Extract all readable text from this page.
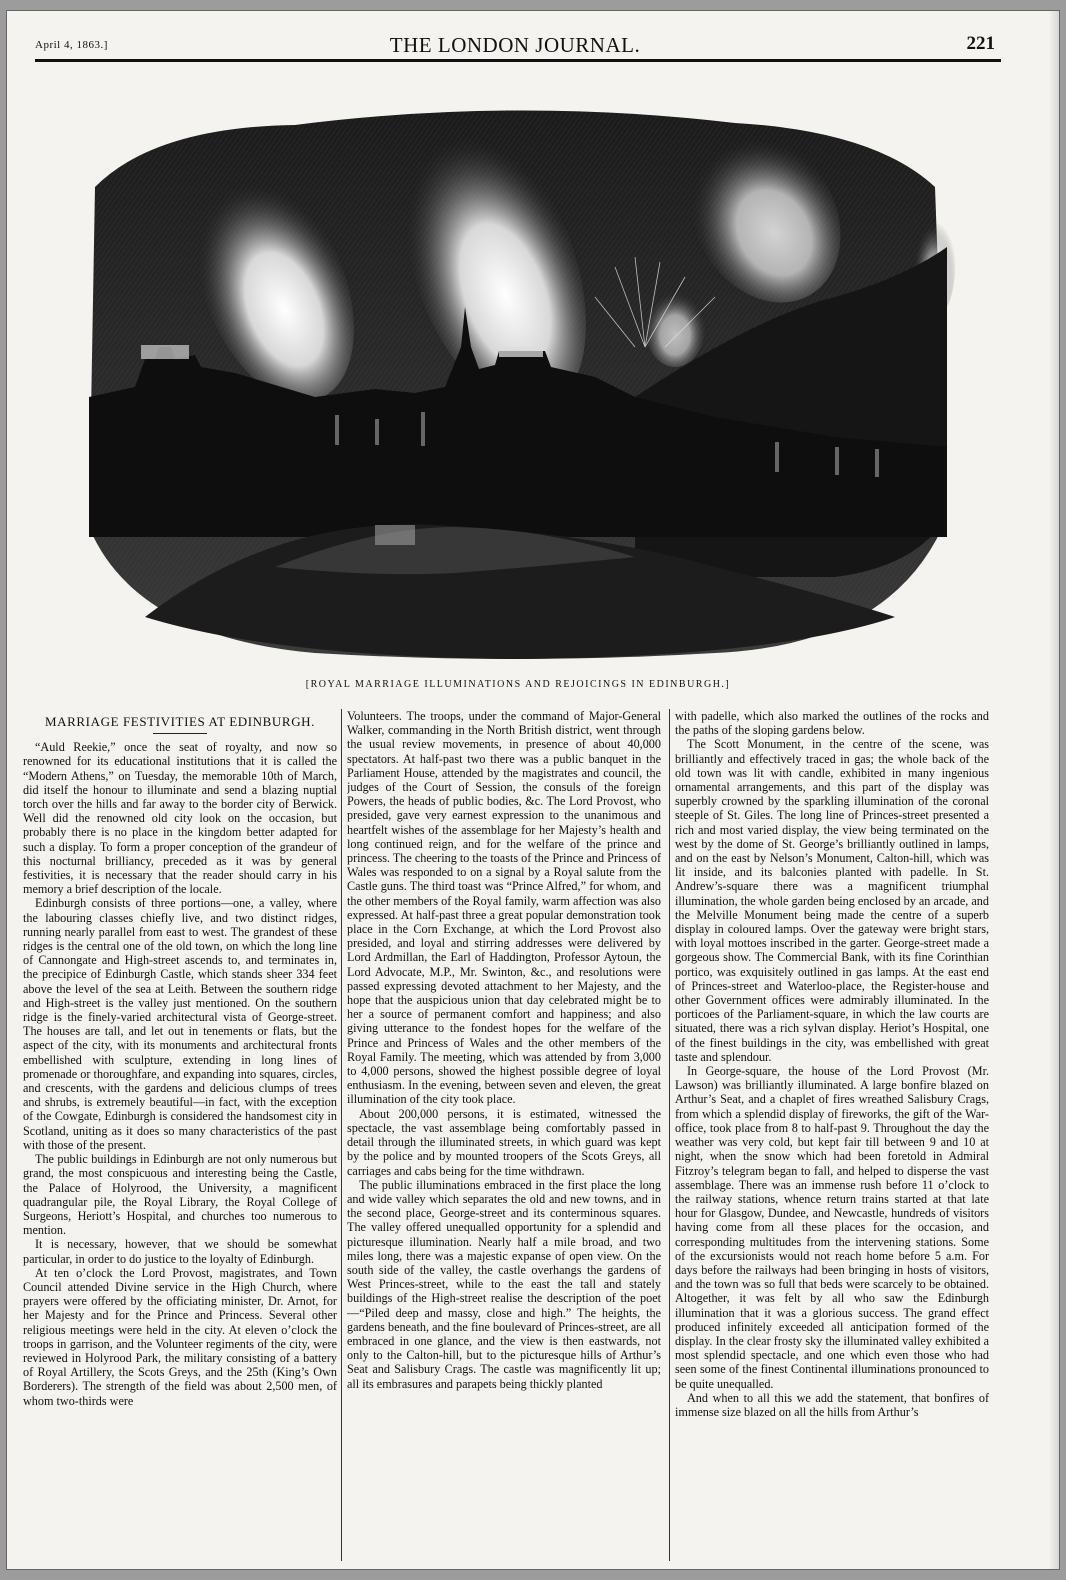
April 4, 1863.]	THE LONDON JOURNAL.	221
[ROYAL MARRIAGE ILLUMINATIONS AND REJOICINGS IN EDINBURGH.]
MARRIAGE FESTIVITIES AT EDINBURGH.

“Auld Reekie,” once the seat of royalty, and now so renowned for its educational institutions that it is called the “Modern Athens,” on Tuesday, the memorable 10th of March, did itself the honour to illuminate and send a blazing nuptial torch over the hills and far away to the border city of Berwick. Well did the renowned old city look on the occasion, but probably there is no place in the kingdom better adapted for such a display. To form a proper conception of the grandeur of this nocturnal brilliancy, preceded as it was by general festivities, it is necessary that the reader should carry in his memory a brief description of the locale.

Edinburgh consists of three portions—one, a valley, where the labouring classes chiefly live, and two distinct ridges, running nearly parallel from east to west. The grandest of these ridges is the central one of the old town, on which the long line of Cannongate and High-street ascends to, and terminates in, the precipice of Edinburgh Castle, which stands sheer 334 feet above the level of the sea at Leith. Between the southern ridge and High-street is the valley just mentioned. On the southern ridge is the finely-varied architectural vista of George-street. The houses are tall, and let out in tenements or flats, but the aspect of the city, with its monuments and architectural fronts embellished with sculpture, extending in long lines of promenade or thoroughfare, and expanding into squares, circles, and crescents, with the gardens and delicious clumps of trees and shrubs, is extremely beautiful—in fact, with the exception of the Cowgate, Edinburgh is considered the handsomest city in Scotland, uniting as it does so many characteristics of the past with those of the present.

The public buildings in Edinburgh are not only numerous but grand, the most conspicuous and interesting being the Castle, the Palace of Holyrood, the University, a magnificent quadrangular pile, the Royal Library, the Royal College of Surgeons, Heriott’s Hospital, and churches too numerous to mention.

It is necessary, however, that we should be somewhat particular, in order to do justice to the loyalty of Edinburgh.

At ten o’clock the Lord Provost, magistrates, and Town Council attended Divine service in the High Church, where prayers were offered by the officiating minister, Dr. Arnot, for her Majesty and for the Prince and Princess. Several other religious meetings were held in the city. At eleven o’clock the troops in garrison, and the Volunteer regiments of the city, were reviewed in Holyrood Park, the military consisting of a battery of Royal Artillery, the Scots Greys, and the 25th (King’s Own Borderers). The strength of the field was about 2,500 men, of whom two-thirds were

Volunteers. The troops, under the command of Major-General Walker, commanding in the North British district, went through the usual review movements, in presence of about 40,000 spectators. At half-past two there was a public banquet in the Parliament House, attended by the magistrates and council, the judges of the Court of Session, the consuls of the foreign Powers, the heads of public bodies, &c. The Lord Provost, who presided, gave very earnest expression to the unanimous and heartfelt wishes of the assemblage for her Majesty’s health and long continued reign, and for the welfare of the prince and princess. The cheering to the toasts of the Prince and Princess of Wales was responded to on a signal by a Royal salute from the Castle guns. The third toast was “Prince Alfred,” for whom, and the other members of the Royal family, warm affection was also expressed. At half-past three a great popular demonstration took place in the Corn Exchange, at which the Lord Provost also presided, and loyal and stirring addresses were delivered by Lord Ardmillan, the Earl of Haddington, Professor Aytoun, the Lord Advocate, M.P., Mr. Swinton, &c., and resolutions were passed expressing devoted attachment to her Majesty, and the hope that the auspicious union that day celebrated might be to her a source of permanent comfort and happiness; and also giving utterance to the fondest hopes for the welfare of the Prince and Princess of Wales and the other members of the Royal Family. The meeting, which was attended by from 3,000 to 4,000 persons, showed the highest possible degree of loyal enthusiasm. In the evening, between seven and eleven, the great illumination of the city took place.

About 200,000 persons, it is estimated, witnessed the spectacle, the vast assemblage being comfortably passed in detail through the illuminated streets, in which guard was kept by the police and by mounted troopers of the Scots Greys, all carriages and cabs being for the time withdrawn.

The public illuminations embraced in the first place the long and wide valley which separates the old and new towns, and in the second place, George-street and its conterminous squares. The valley offered unequalled opportunity for a splendid and picturesque illumination. Nearly half a mile broad, and two miles long, there was a majestic expanse of open view. On the south side of the valley, the castle overhangs the gardens of West Princes-street, while to the east the tall and stately buildings of the High-street realise the description of the poet—“Piled deep and massy, close and high.” The heights, the gardens beneath, and the fine boulevard of Princes-street, are all embraced in one glance, and the view is then eastwards, not only to the Calton-hill, but to the picturesque hills of Arthur’s Seat and Salisbury Crags. The castle was magnificently lit up; all its embrasures and parapets being thickly planted

with padelle, which also marked the outlines of the rocks and the paths of the sloping gardens below.

The Scott Monument, in the centre of the scene, was brilliantly and effectively traced in gas; the whole back of the old town was lit with candle, exhibited in many ingenious ornamental arrangements, and this part of the display was superbly crowned by the sparkling illumination of the coronal steeple of St. Giles. The long line of Princes-street presented a rich and most varied display, the view being terminated on the west by the dome of St. George’s brilliantly outlined in lamps, and on the east by Nelson’s Monument, Calton-hill, which was lit inside, and its balconies planted with padelle. In St. Andrew’s-square there was a magnificent triumphal illumination, the whole garden being enclosed by an arcade, and the Melville Monument being made the centre of a superb display in coloured lamps. Over the gateway were bright stars, with loyal mottoes inscribed in the garter. George-street made a gorgeous show. The Commercial Bank, with its fine Corinthian portico, was exquisitely outlined in gas lamps. At the east end of Princes-street and Waterloo-place, the Register-house and other Government offices were admirably illuminated. In the porticoes of the Parliament-square, in which the law courts are situated, there was a rich sylvan display. Heriot’s Hospital, one of the finest buildings in the city, was embellished with great taste and splendour.

In George-square, the house of the Lord Provost (Mr. Lawson) was brilliantly illuminated. A large bonfire blazed on Arthur’s Seat, and a chaplet of fires wreathed Salisbury Crags, from which a splendid display of fireworks, the gift of the War-office, took place from 8 to half-past 9. Throughout the day the weather was very cold, but kept fair till between 9 and 10 at night, when the snow which had been foretold in Admiral Fitzroy’s telegram began to fall, and helped to disperse the vast assemblage. There was an immense rush before 11 o’clock to the railway stations, whence return trains started at that late hour for Glasgow, Dundee, and Newcastle, hundreds of visitors having come from all these places for the occasion, and corresponding multitudes from the intervening stations. Some of the excursionists would not reach home before 5 a.m. For days before the railways had been bringing in hosts of visitors, and the town was so full that beds were scarcely to be obtained. Altogether, it was felt by all who saw the Edinburgh illumination that it was a glorious success. The grand effect produced infinitely exceeded all anticipation formed of the display. In the clear frosty sky the illuminated valley exhibited a most splendid spectacle, and one which even those who had seen some of the finest Continental illuminations pronounced to be quite unequalled.

And when to all this we add the statement, that bonfires of immense size blazed on all the hills from Arthur’s
